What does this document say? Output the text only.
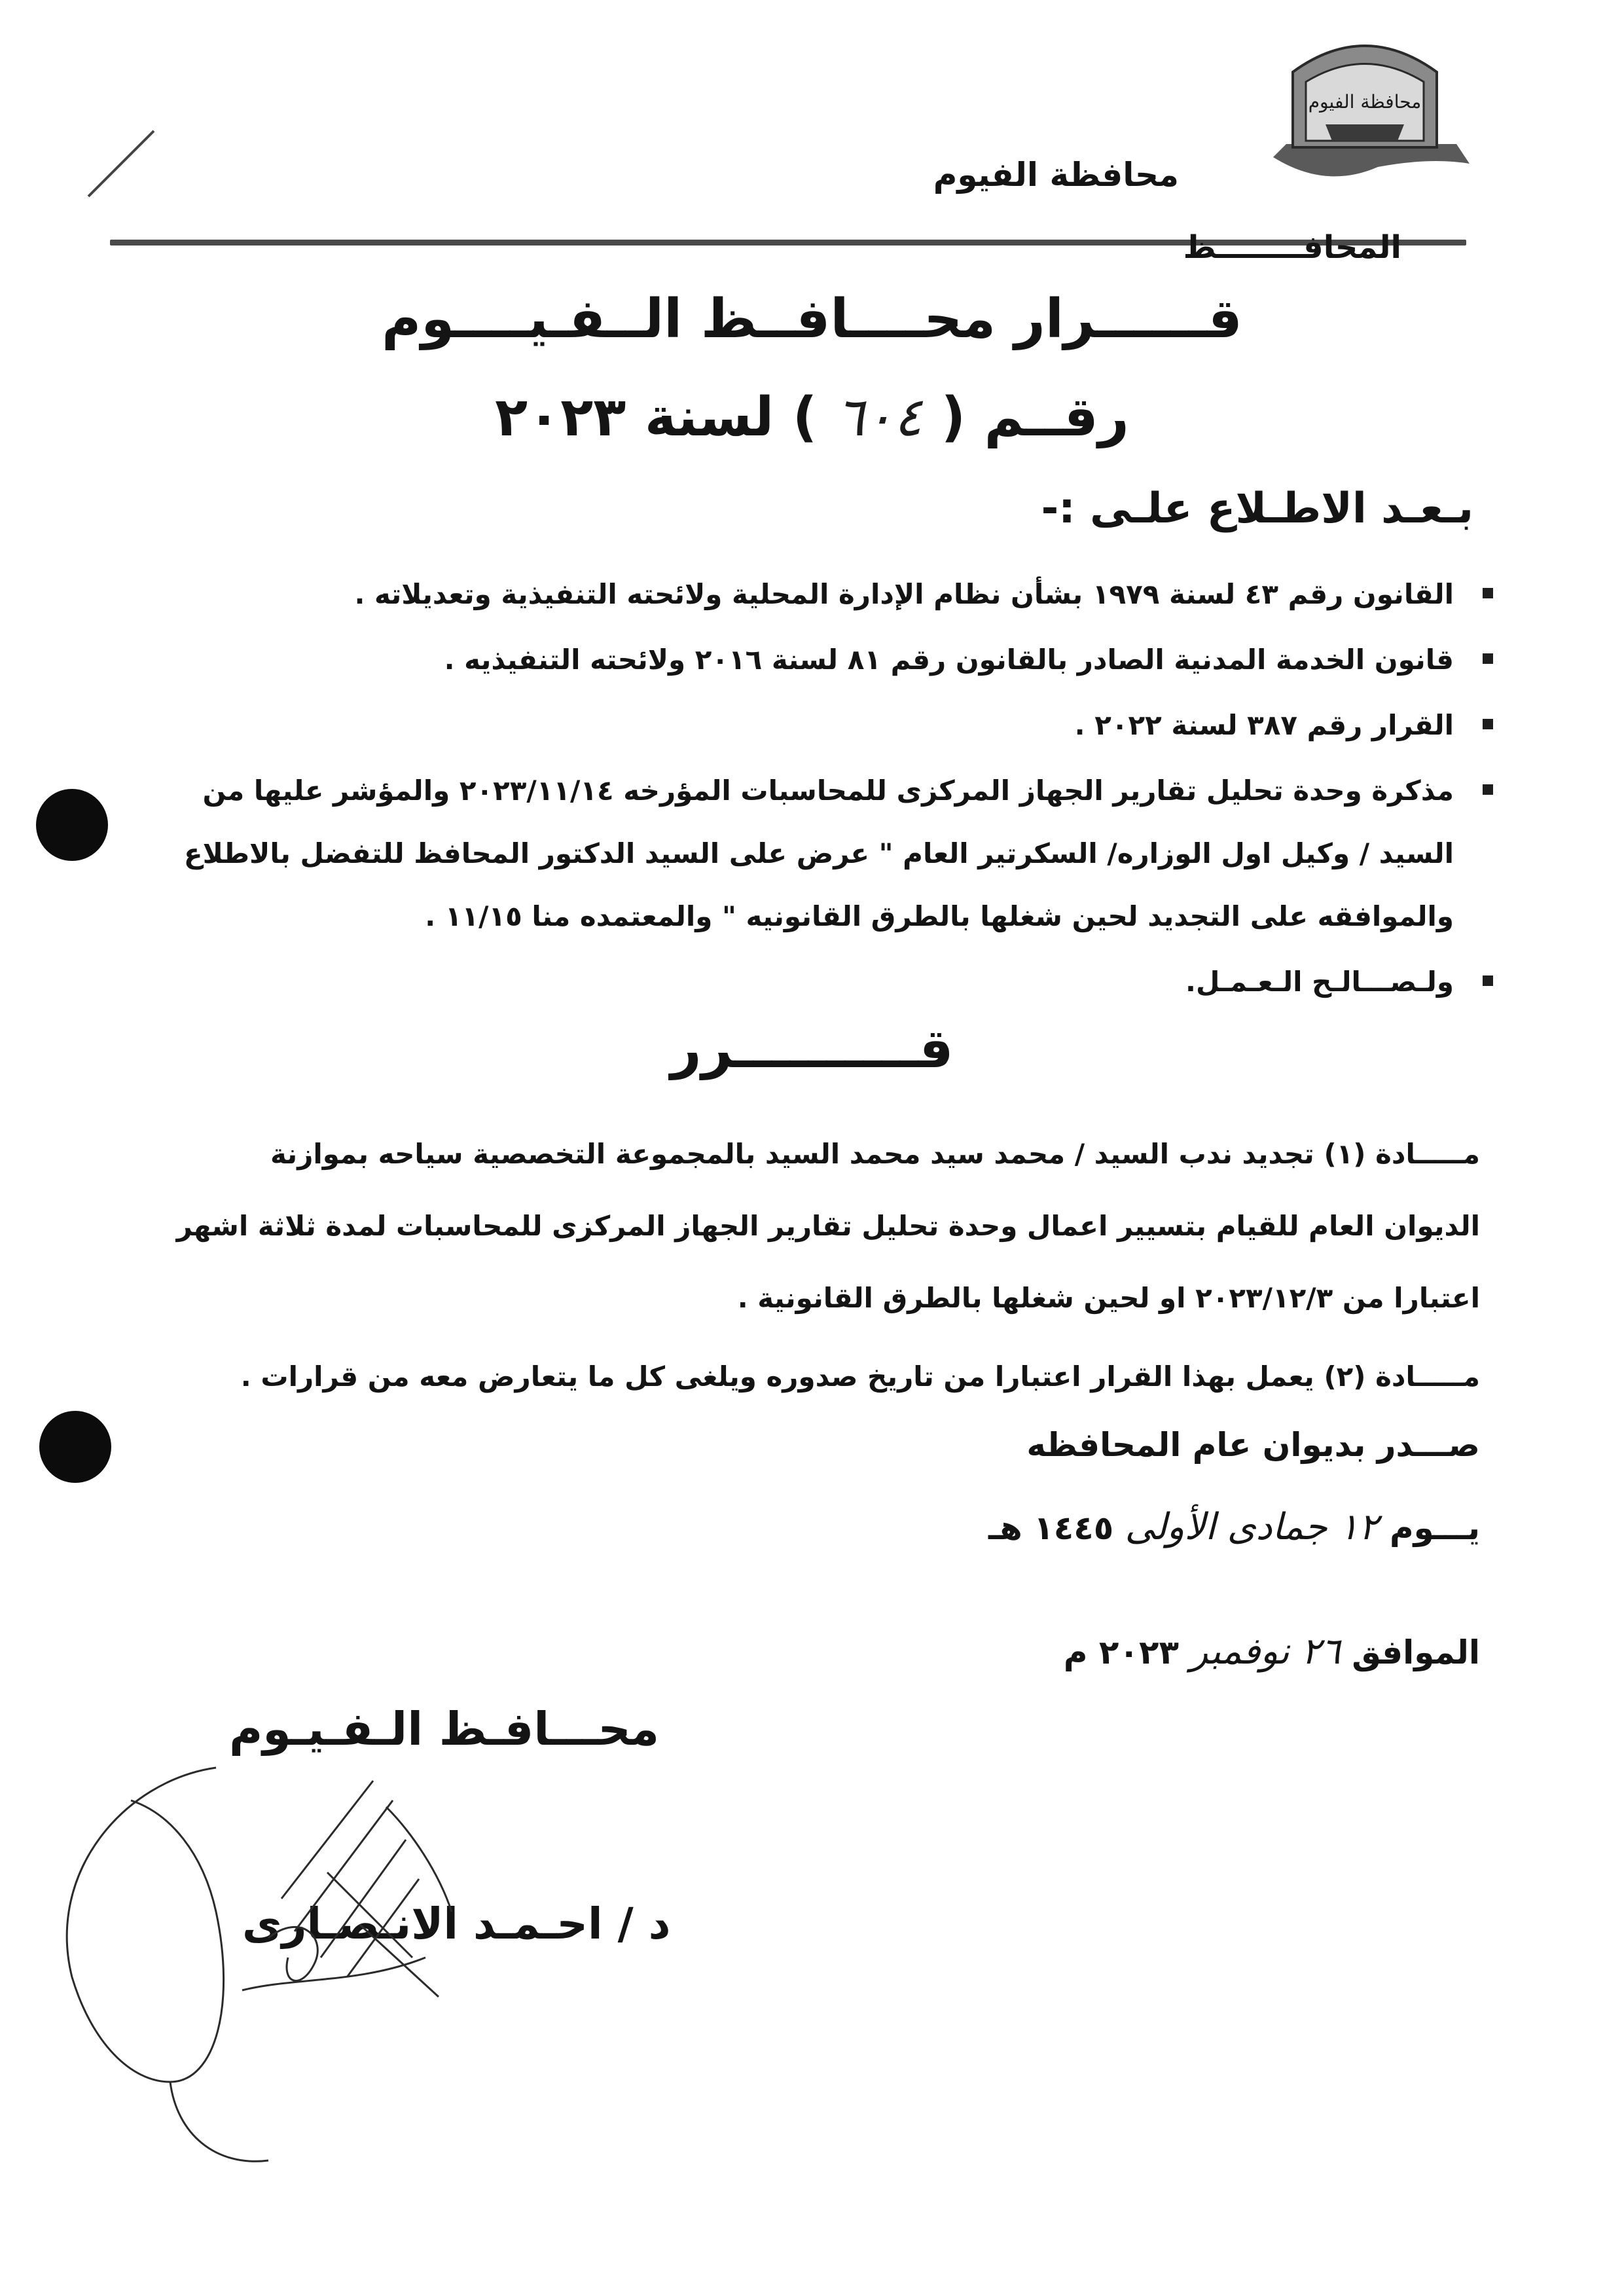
محافظة الفيوم
محافظة الفيوم
المحافــــــــظ
قــــــرار محــــافــظ الــفـيــــوم
رقــم ( ٦٠٤ ) لسنة ٢٠٢٣
بـعـد الاطـلاع علـى :-
القانون رقم ٤٣ لسنة ١٩٧٩ بشأن نظام الإدارة المحلية ولائحته التنفيذية وتعديلاته .
قانون الخدمة المدنية الصادر بالقانون رقم ٨١ لسنة ٢٠١٦ ولائحته التنفيذيه .
القرار رقم ٣٨٧ لسنة ٢٠٢٢ .
مذكرة وحدة تحليل تقارير الجهاز المركزى للمحاسبات المؤرخه ٢٠٢٣/١١/١٤ والمؤشر عليها من السيد / وكيل اول الوزاره/ السكرتير العام " عرض على السيد الدكتور المحافظ للتفضل بالاطلاع والموافقه على التجديد لحين شغلها بالطرق القانونيه " والمعتمده منا ١١/١٥ .
ولـصـــالـح الـعـمـل.
قــــــــــرر
مـــــادة (١) تجديد ندب السيد / محمد سيد محمد السيد بالمجموعة التخصصية سياحه بموازنة الديوان العام للقيام بتسيير اعمال وحدة تحليل تقارير الجهاز المركزى للمحاسبات لمدة ثلاثة اشهر اعتبارا من ٢٠٢٣/١٢/٣ او لحين شغلها بالطرق القانونية .
مـــــادة (٢) يعمل بهذا القرار اعتبارا من تاريخ صدوره ويلغى كل ما يتعارض معه من قرارات .
صـــدر بديوان عام المحافظه
يـــوم ١٢ جمادى الأولى ١٤٤٥ هـ
الموافق ٢٦ نوفمبر ٢٠٢٣ م
محـــافـظ الـفـيـوم
د / احـمـد الانـصـارى
